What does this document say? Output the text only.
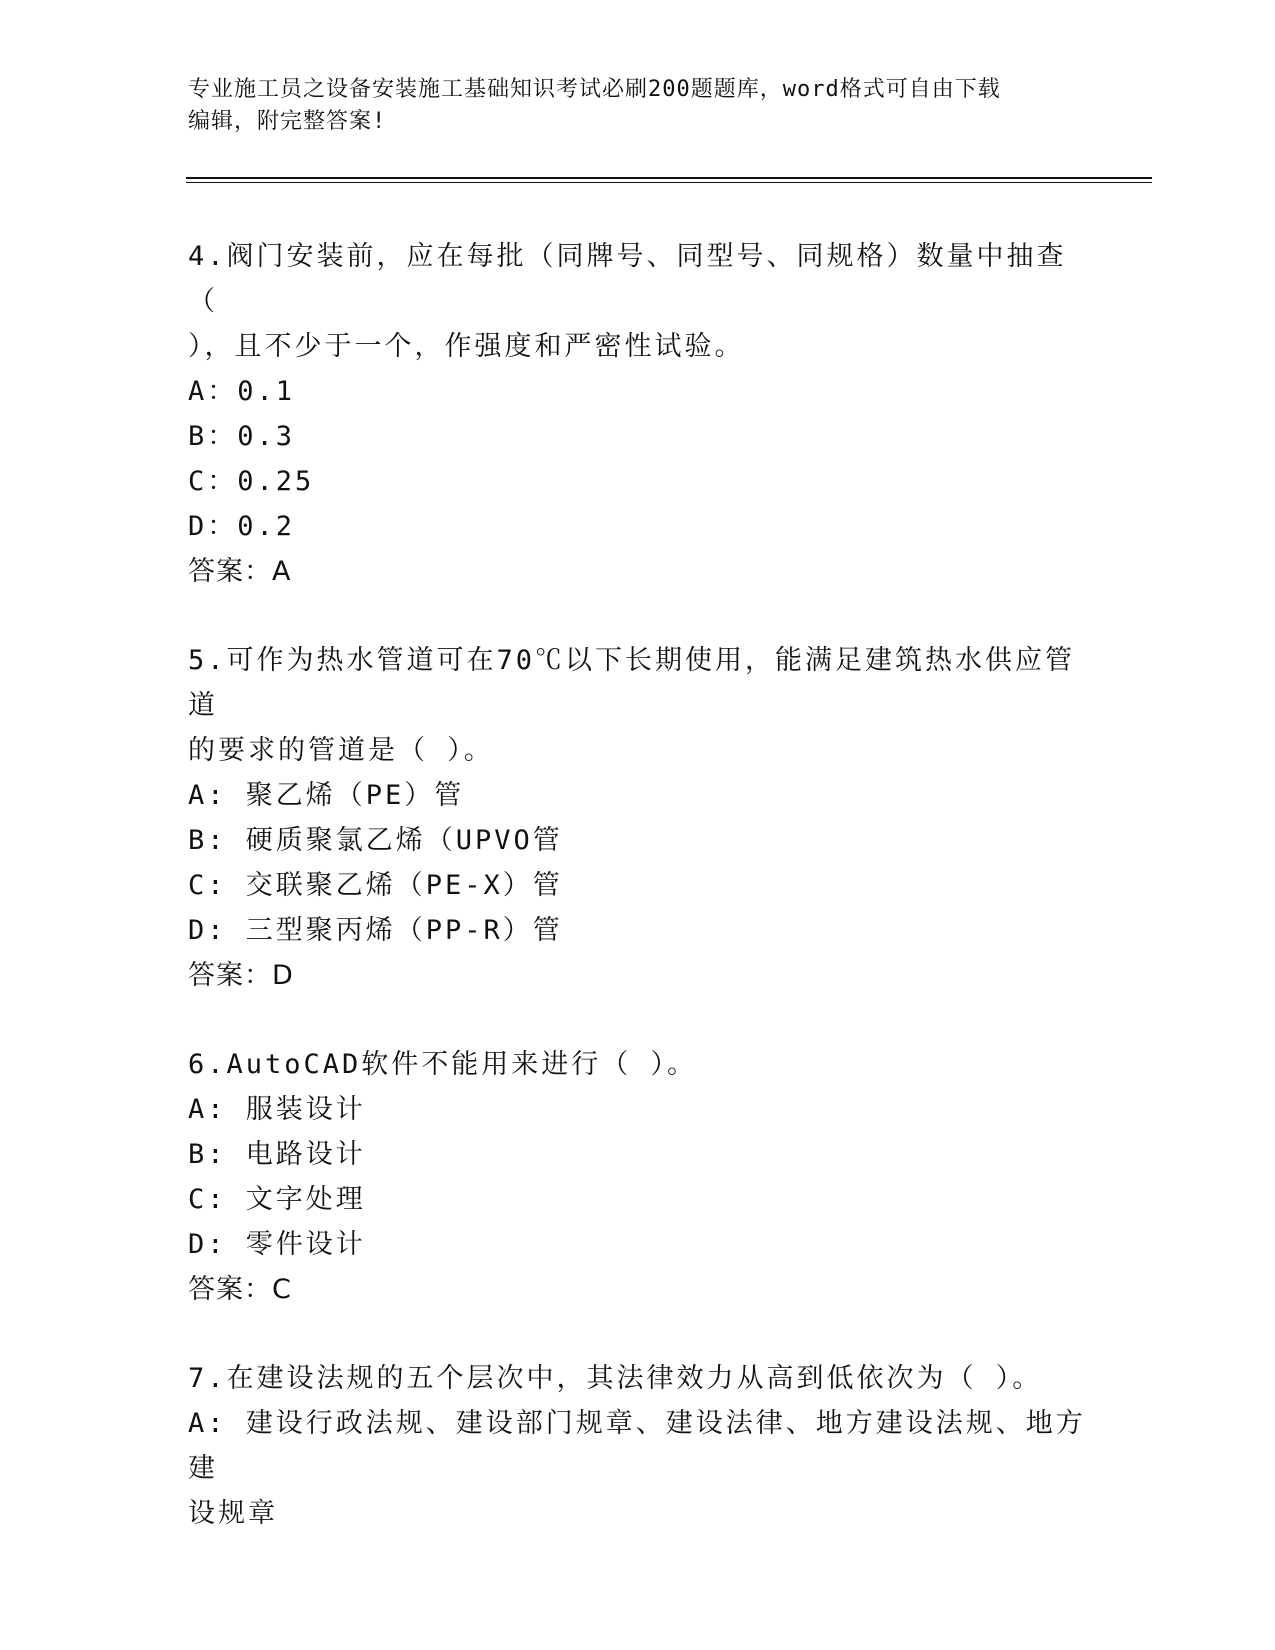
专业施工员之设备安装施工基础知识考试必刷200题题库，word格式可自由下载
编辑，附完整答案!
4.阀门安装前，应在每批（同牌号、同型号、同规格）数量中抽查（
），且不少于一个，作强度和严密性试验。
A：0.1
B：0.3
C：0.25
D：0.2
答案：A
5.可作为热水管道可在70℃以下长期使用，能满足建筑热水供应管道
的要求的管道是（ ）。
A: 聚乙烯（PE）管
B: 硬质聚氯乙烯（UPVO管
C: 交联聚乙烯（PE-X）管
D: 三型聚丙烯（PP-R）管
答案：D
6.AutoCAD软件不能用来进行（ ）。
A: 服装设计
B: 电路设计
C: 文字处理
D: 零件设计
答案：C
7.在建设法规的五个层次中，其法律效力从高到低依次为（ ）。
A: 建设行政法规、建设部门规章、建设法律、地方建设法规、地方建
设规章
